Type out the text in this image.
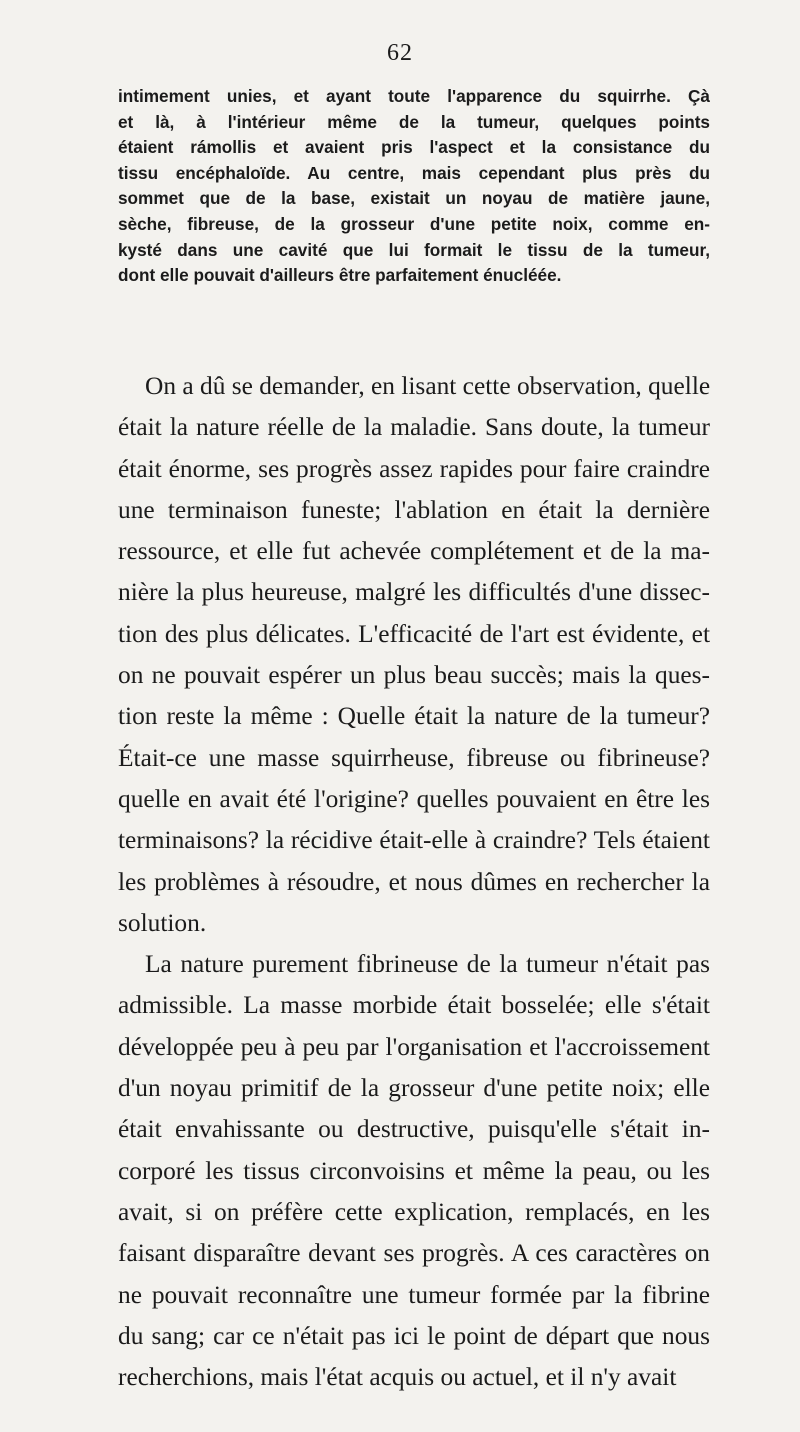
62
intimement unies, et ayant toute l'apparence du squirrhe. Çà
et là, à l'intérieur même de la tumeur, quelques points
étaient rámollis et avaient pris l'aspect et la consistance du
tissu encéphaloïde. Au centre, mais cependant plus près du
sommet que de la base, existait un noyau de matière jaune,
sèche, fibreuse, de la grosseur d'une petite noix, comme en-
kysté dans une cavité que lui formait le tissu de la tumeur,
dont elle pouvait d'ailleurs être parfaitement énucléée.
On a dû se demander, en lisant cette observation, quelle
était la nature réelle de la maladie. Sans doute, la tumeur
était énorme, ses progrès assez rapides pour faire craindre
une terminaison funeste; l'ablation en était la dernière
ressource, et elle fut achevée complétement et de la ma-
nière la plus heureuse, malgré les difficultés d'une dissec-
tion des plus délicates. L'efficacité de l'art est évidente, et
on ne pouvait espérer un plus beau succès; mais la ques-
tion reste la même : Quelle était la nature de la tumeur?
Était-ce une masse squirrheuse, fibreuse ou fibrineuse?
quelle en avait été l'origine? quelles pouvaient en être les
terminaisons? la récidive était-elle à craindre? Tels étaient
les problèmes à résoudre, et nous dûmes en rechercher la
solution.
La nature purement fibrineuse de la tumeur n'était pas
admissible. La masse morbide était bosselée; elle s'était
développée peu à peu par l'organisation et l'accroissement
d'un noyau primitif de la grosseur d'une petite noix; elle
était envahissante ou destructive, puisqu'elle s'était in-
corporé les tissus circonvoisins et même la peau, ou les
avait, si on préfère cette explication, remplacés, en les
faisant disparaître devant ses progrès. A ces caractères on
ne pouvait reconnaître une tumeur formée par la fibrine
du sang; car ce n'était pas ici le point de départ que nous
recherchions, mais l'état acquis ou actuel, et il n'y avait
